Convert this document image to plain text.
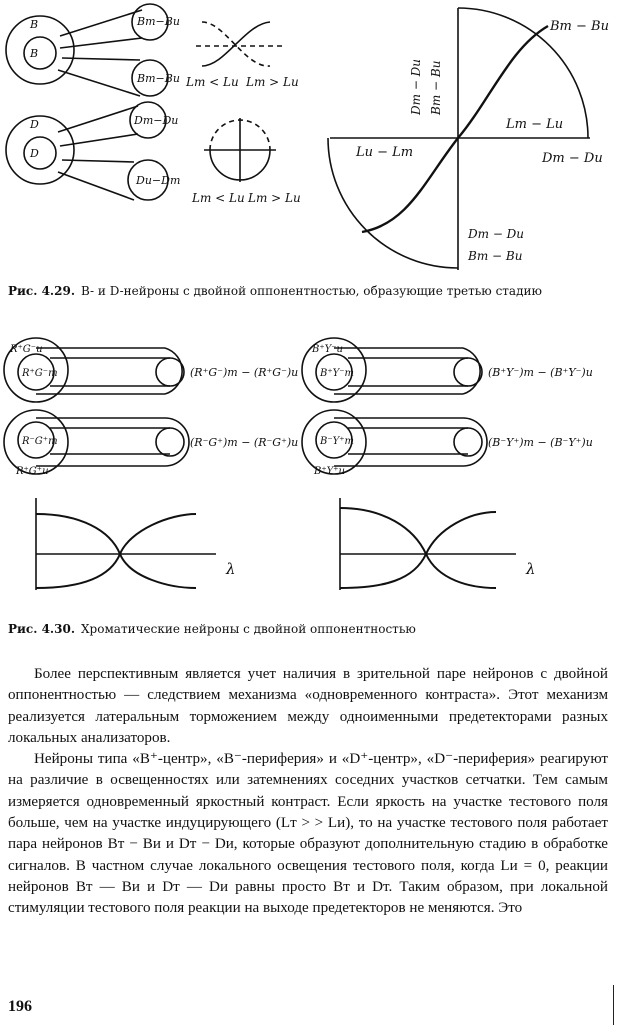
B
B
Bт−Bи
Bт−Bи
D
D
Dт−Dи
Dи−Dт
Lт < Lи Lт > Lи
Lт < Lи Lт > Lи
Bт − Bи
Dт − Dи Bт − Bи
Lт − Lи
Lи − Lт	Dт − Dи
Dт − Dи
Bт − Bи
Рис. 4.29. B- и D-нейроны с двойной оппонентностью, образующие третью стадию
R⁺G⁻и
R⁺G⁻т	(R⁺G⁻)т − (R⁺G⁻)и
R⁻G⁺т
R⁺G⁺и
(R⁻G⁺)т − (R⁻G⁺)и
B⁺Y⁻и
B⁺Y⁻т	(B⁺Y⁻)т − (B⁺Y⁻)и
B⁻Y⁺т
B⁺Y⁺и
(B⁻Y⁺)т − (B⁻Y⁺)и
λ	λ
Рис. 4.30. Хроматические нейроны с двойной оппонентностью

Более перспективным является учет наличия в зрительной паре нейронов с двойной оппонентностью — следствием механизма «одновременного контраста». Этот механизм реализуется латеральным торможением между одноименными предетекторами разных локальных анализаторов.

Нейроны типа «B⁺-центр», «B⁻-периферия» и «D⁺-центр», «D⁻-периферия» реагируют на различие в освещенностях или затемнениях соседних участков сетчатки. Тем самым измеряется одновременный яркостный контраст. Если яркость на участке тестового поля больше, чем на участке индуцирующего (Lт > > Lи), то на участке тестового поля работает пара нейронов Bт − Bи и Dт − Dи, которые образуют дополнительную стадию в обработке сигналов. В частном случае локального освещения тестового поля, когда Lи = 0, реакции нейронов Bт — Bи и Dт — Dи равны просто Bт и Dт. Таким образом, при локальной стимуляции тестового поля реакции на выходе предетекторов не меняются. Это

196
